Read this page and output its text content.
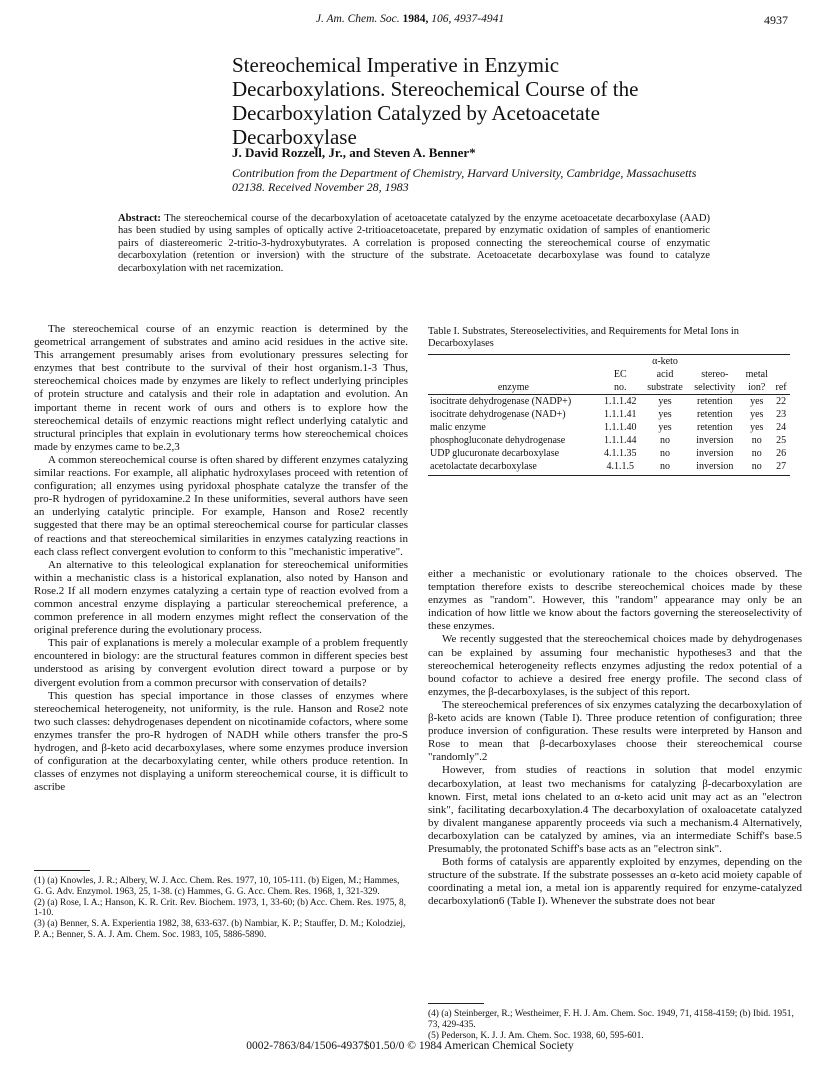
J. Am. Chem. Soc. 1984, 106, 4937-4941	4937
Stereochemical Imperative in Enzymic Decarboxylations. Stereochemical Course of the Decarboxylation Catalyzed by Acetoacetate Decarboxylase
J. David Rozzell, Jr., and Steven A. Benner*
Contribution from the Department of Chemistry, Harvard University, Cambridge, Massachusetts 02138. Received November 28, 1983
Abstract: The stereochemical course of the decarboxylation of acetoacetate catalyzed by the enzyme acetoacetate decarboxylase (AAD) has been studied by using samples of optically active 2-tritioacetoacetate, prepared by enzymatic oxidation of samples of enantiomeric pairs of diastereomeric 2-tritio-3-hydroxybutyrates. A correlation is proposed connecting the stereochemical course of enzymatic decarboxylation (retention or inversion) with the structure of the substrate. Acetoacetate decarboxylase was found to catalyze decarboxylation with net racemization.

The stereochemical course of an enzymic reaction is determined by the geometrical arrangement of substrates and amino acid residues in the active site. This arrangement presumably arises from evolutionary pressures selecting for enzymes that best contribute to the survival of their host organism.1-3 Thus, stereochemical choices made by enzymes are likely to reflect underlying principles of protein structure and catalysis and their role in adaptation and evolution. An important theme in recent work of ours and others is to explore how the stereochemical details of enzymic reactions might reflect underlying catalytic and structural principles that explain in evolutionary terms how stereochemical choices made by enzymes came to be.2,3

A common stereochemical course is often shared by different enzymes catalyzing similar reactions. For example, all aliphatic hydroxylases proceed with retention of configuration; all enzymes using pyridoxal phosphate catalyze the transfer of the pro-R hydrogen of pyridoxamine.2 In these uniformities, several authors have seen an underlying catalytic principle. For example, Hanson and Rose2 recently suggested that there may be an optimal stereochemical course for particular classes of reactions and that stereochemical similarities in enzymes catalyzing reactions in each class reflect convergent evolution to conform to this "mechanistic imperative".

An alternative to this teleological explanation for stereochemical uniformities within a mechanistic class is a historical explanation, also noted by Hanson and Rose.2 If all modern enzymes catalyzing a certain type of reaction evolved from a common ancestral enzyme displaying a particular stereochemical preference, a common preference in all modern enzymes might reflect the conservation of the original preference during the evolutionary process.

This pair of explanations is merely a molecular example of a problem frequently encountered in biology: are the structural features common in different species best understood as arising by convergent evolution direct toward a purpose or by divergent evolution from a common precursor with conservation of details?

This question has special importance in those classes of enzymes where stereochemical heterogeneity, not uniformity, is the rule. Hanson and Rose2 note two such classes: dehydrogenases dependent on nicotinamide cofactors, where some enzymes transfer the pro-R hydrogen of NADH while others transfer the pro-S hydrogen, and β-keto acid decarboxylases, where some enzymes produce inversion of configuration at the decarboxylating center, while others produce retention. In classes of enzymes not displaying a uniform stereochemical course, it is difficult to ascribe

Table I. Substrates, Stereoselectivities, and Requirements for Metal Ions in Decarboxylases
		α-keto			
	EC	acid	stereo-	metal	
enzyme	no.	substrate	selectivity	ion?	ref
isocitrate dehydrogenase (NADP+)	1.1.1.42	yes	retention	yes	22
isocitrate dehydrogenase (NAD+)	1.1.1.41	yes	retention	yes	23
malic enzyme	1.1.1.40	yes	retention	yes	24
phosphogluconate dehydrogenase	1.1.1.44	no	inversion	no	25
UDP glucuronate decarboxylase	4.1.1.35	no	inversion	no	26
acetolactate decarboxylase	4.1.1.5	no	inversion	no	27

either a mechanistic or evolutionary rationale to the choices observed. The temptation therefore exists to describe stereochemical choices made by these enzymes as "random". However, this "random" appearance may only be an indication of how little we know about the factors governing the stereoselectivity of these enzymes.

We recently suggested that the stereochemical choices made by dehydrogenases can be explained by assuming four mechanistic hypotheses3 and that the stereochemical heterogeneity reflects enzymes adjusting the redox potential of a bound cofactor to achieve a desired free energy profile. The second class of enzymes, the β-decarboxylases, is the subject of this report.

The stereochemical preferences of six enzymes catalyzing the decarboxylation of β-keto acids are known (Table I). Three produce retention of configuration; three produce inversion of configuration. These results were interpreted by Hanson and Rose to mean that β-decarboxylases choose their stereochemical course "randomly".2

However, from studies of reactions in solution that model enzymic decarboxylation, at least two mechanisms for catalyzing β-decarboxylation are known. First, metal ions chelated to an α-keto acid unit may act as an "electron sink", facilitating decarboxylation.4 The decarboxylation of oxaloacetate catalyzed by divalent manganese apparently proceeds via such a mechanism.4 Alternatively, decarboxylation can be catalyzed by amines, via an intermediate Schiff's base.5 Presumably, the protonated Schiff's base acts as an "electron sink".

Both forms of catalysis are apparently exploited by enzymes, depending on the structure of the substrate. If the substrate possesses an α-keto acid moiety capable of coordinating a metal ion, a metal ion is apparently required for enzyme-catalyzed decarboxylation6 (Table I). Whenever the substrate does not bear

(1) (a) Knowles, J. R.; Albery, W. J. Acc. Chem. Res. 1977, 10, 105-111. (b) Eigen, M.; Hammes, G. G. Adv. Enzymol. 1963, 25, 1-38. (c) Hammes, G. G. Acc. Chem. Res. 1968, 1, 321-329.
(2) (a) Rose, I. A.; Hanson, K. R. Crit. Rev. Biochem. 1973, 1, 33-60; (b) Acc. Chem. Res. 1975, 8, 1-10.
(3) (a) Benner, S. A. Experientia 1982, 38, 633-637. (b) Nambiar, K. P.; Stauffer, D. M.; Kolodziej, P. A.; Benner, S. A. J. Am. Chem. Soc. 1983, 105, 5886-5890.
(4) (a) Steinberger, R.; Westheimer, F. H. J. Am. Chem. Soc. 1949, 71, 4158-4159; (b) Ibid. 1951, 73, 429-435.
(5) Pederson, K. J. J. Am. Chem. Soc. 1938, 60, 595-601.
0002-7863/84/1506-4937$01.50/0 © 1984 American Chemical Society
